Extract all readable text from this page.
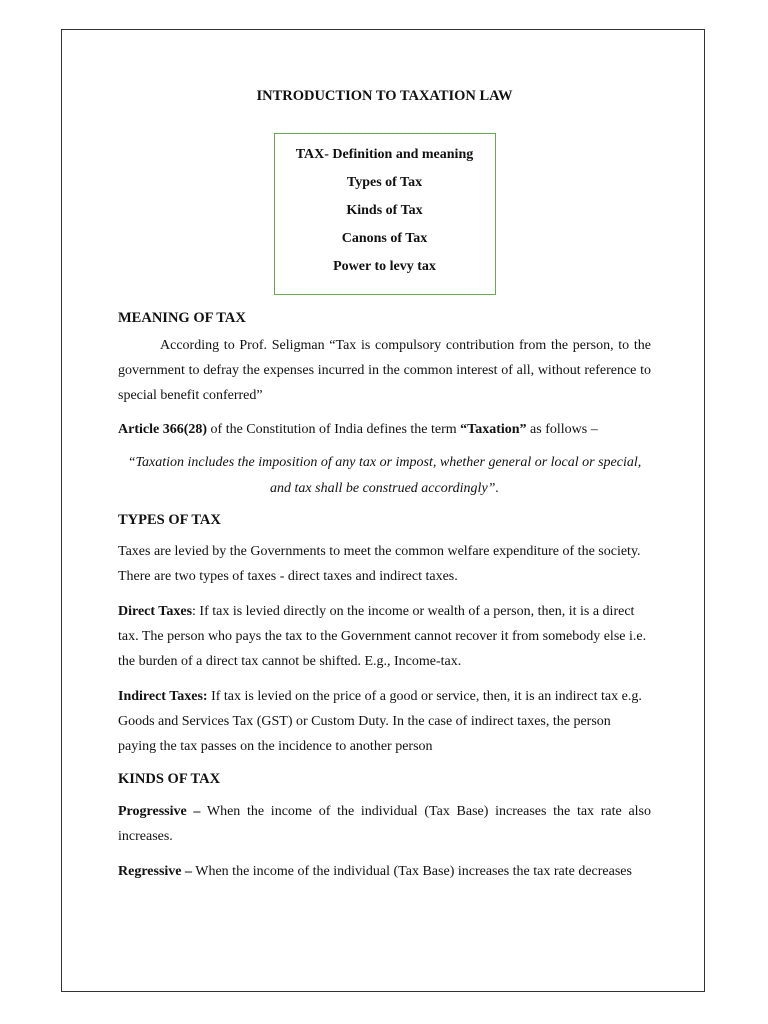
INTRODUCTION TO TAXATION LAW

TAX- Definition and meaning
Types of Tax
Kinds of Tax
Canons of Tax
Power to levy tax

MEANING OF TAX

According to Prof. Seligman “Tax is compulsory contribution from the person, to the government to defray the expenses incurred in the common interest of all, without reference to special benefit conferred”

Article 366(28) of the Constitution of India defines the term “Taxation” as follows –

“Taxation includes the imposition of any tax or impost, whether general or local or special, and tax shall be construed accordingly”.

TYPES OF TAX

Taxes are levied by the Governments to meet the common welfare expenditure of the society. There are two types of taxes - direct taxes and indirect taxes.

Direct Taxes: If tax is levied directly on the income or wealth of a person, then, it is a direct tax. The person who pays the tax to the Government cannot recover it from somebody else i.e. the burden of a direct tax cannot be shifted. E.g., Income-tax.

Indirect Taxes: If tax is levied on the price of a good or service, then, it is an indirect tax e.g. Goods and Services Tax (GST) or Custom Duty. In the case of indirect taxes, the person paying the tax passes on the incidence to another person

KINDS OF TAX

Progressive – When the income of the individual (Tax Base) increases the tax rate also increases.

Regressive – When the income of the individual (Tax Base) increases the tax rate decreases
